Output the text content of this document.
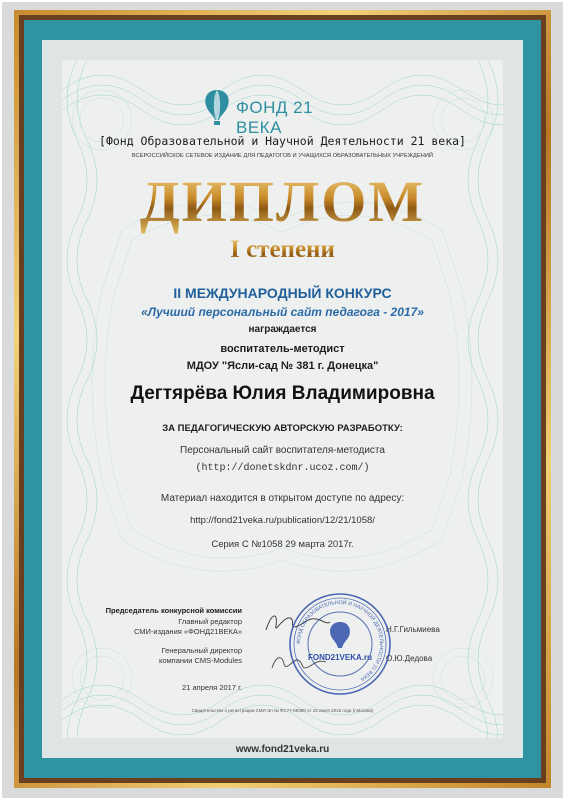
ФОНД 21 ВЕКА
[Фонд Образовательной и Научной Деятельности 21 века]
ВСЕРОССИЙСКОЕ СЕТЕВОЕ ИЗДАНИЕ ДЛЯ ПЕДАГОГОВ И УЧАЩИХСЯ ОБРАЗОВАТЕЛЬНЫХ УЧРЕЖДЕНИЙ
ДИПЛОМ
I степени
II МЕЖДУНАРОДНЫЙ КОНКУРС
«Лучший персональный сайт педагога - 2017»
награждается
воспитатель-методист
МДОУ "Ясли-сад № 381 г. Донецка"
Дегтярёва Юлия Владимировна
ЗА ПЕДАГОГИЧЕСКУЮ АВТОРСКУЮ РАЗРАБОТКУ:
Персональный сайт воспитателя-методиста
(http://donetskdnr.ucoz.com/)
Материал находится в открытом доступе по адресу:
http://fond21veka.ru/publication/12/21/1058/
Серия С №1058 29 марта 2017г.
Председатель конкурсной комиссии
Главный редактор
СМИ-издания «ФОНД21ВЕКА»
Генеральный директор
компании CMS-Modules
21 апреля 2017 г.
Н.Г.Гильмиева
О.Ю.Дедова
ФОНД ОБРАЗОВАТЕЛЬНОЙ И НАУЧНОЙ ДЕЯТЕЛЬНОСТИ 21 ВЕКА
FOND21VEKA.ru
Свидетельство о регистрации СМИ Эл № ФС77-68380 от 22 июля 2015 года (г.Москва)
www.fond21veka.ru
